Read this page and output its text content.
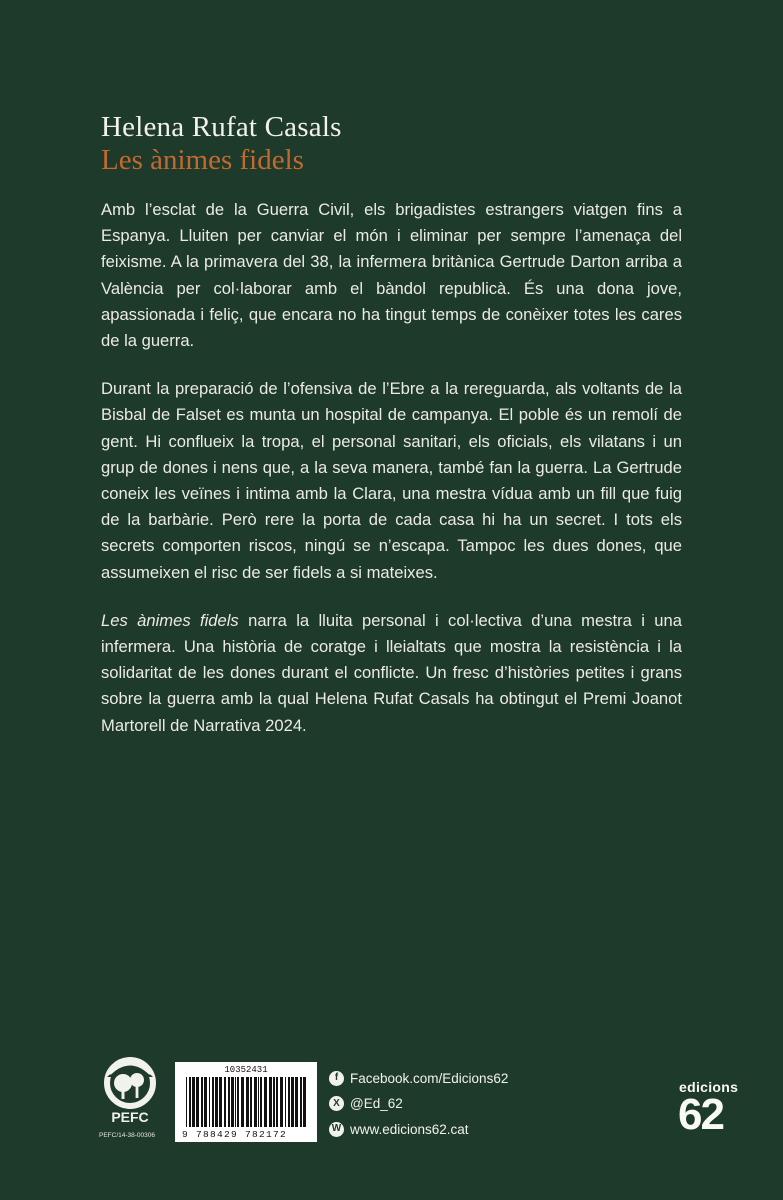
Helena Rufat Casals
Les ànimes fidels

Amb l’esclat de la Guerra Civil, els brigadistes estrangers viatgen fins a Espanya. Lluiten per canviar el món i eliminar per sempre l’amenaça del feixisme. A la primavera del 38, la infermera britànica Gertrude Darton arriba a València per col·laborar amb el bàndol republicà. És una dona jove, apassionada i feliç, que encara no ha tingut temps de conèixer totes les cares de la guerra.

Durant la preparació de l’ofensiva de l’Ebre a la rereguarda, als voltants de la Bisbal de Falset es munta un hospital de campanya. El poble és un remolí de gent. Hi conflueix la tropa, el personal sanitari, els oficials, els vilatans i un grup de dones i nens que, a la seva manera, també fan la guerra. La Gertrude coneix les veïnes i intima amb la Clara, una mestra vídua amb un fill que fuig de la barbàrie. Però rere la porta de cada casa hi ha un secret. I tots els secrets comporten riscos, ningú se n’escapa. Tampoc les dues dones, que assumeixen el risc de ser fidels a si mateixes.

Les ànimes fidels narra la lluita personal i col·lectiva d’una mestra i una infermera. Una història de coratge i lleialtats que mostra la resistència i la solidaritat de les dones durant el conflicte. Un fresc d’històries petites i grans sobre la guerra amb la qual Helena Rufat Casals ha obtingut el Premi Joanot Martorell de Narrativa 2024.

PEFC
PEFC/14-38-00306
10352431
9 788429 782172
f Facebook.com/Edicions62
X @Ed_62
W www.edicions62.cat
edicions
62
